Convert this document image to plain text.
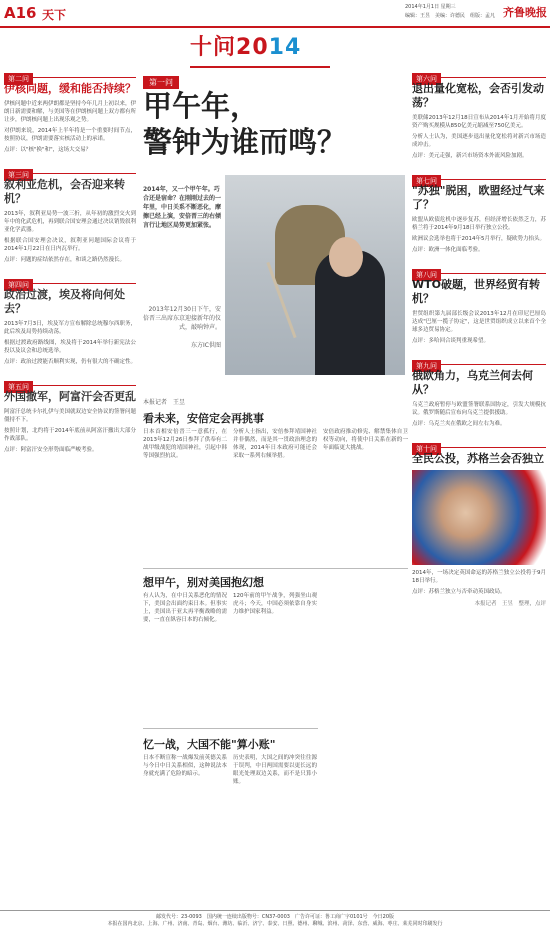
A16 天下
2014年1月1日 星期三
编辑：王昱　美编：许德民　组版：孟凡 齐鲁晚报
十问2014
第二问
伊核问题，缓和能否持续？

伊核问题中近来两伊朗都是坚持今年几月上初以来，伊朗日新需要和解，与美国等在伊朗核问题上双方都有所让步，伊朗核问题上出现乐观之势。

对伊朗来说，2014年上半年将是一个重要时间节点，按照协议，伊朗需要落实核活动上的承诺。

点评：以"核"换"和"，这场大交易？

第三问
叙利亚危机，会否迎来转机？

2013年，叙利亚局势一波三折，从年初的激烈交火到年中的化武危机，再到联合国安理会通过决议销毁叙利亚化学武器。

根据联合国安理会决议，叙利亚问题国际会议将于2014年1月22日在日内瓦举行。

点评：问题的症结依然存在，和谈之路仍然漫长。

第四问
政治过渡，埃及将向何处去？

2013年7月3日，埃及军方宣布解除总统穆尔西职务，此后埃及局势持续动荡。

根据过渡政府路线图，埃及将于2014年举行新宪法公投以及议会和总统选举。

点评：政治过渡能否顺利实现，仍有很大的不确定性。

第五问
外国撤军，阿富汗会否更乱

阿富汗总统卡尔扎伊与美国就双边安全协议的签署问题僵持不下。

按照计划，北约将于2014年底前从阿富汗撤出大部分作战部队。

点评：阿富汗安全形势面临严峻考验。

第一问
甲午年，
警钟为谁而鸣？
2014年，又一个甲午年。巧合还是宿命？在刚刚过去的一年里，中日关系不断恶化，摩擦已经上演，安倍晋三的右倾言行让地区局势更加紧张。
2013年12月30日下午，安倍晋三出席东京迎接新年的仪式，敲响钟声。
东方IC供图
本报记者　王昱
看未来，安倍定会再挑事
日本首相安倍晋三一意孤行，在2013年12月26日参拜了供奉有二战甲级战犯的靖国神社，引起中韩等国强烈抗议。
分析人士指出，安倍参拜靖国神社并非偶然，而是其一贯政治理念的体现，2014年日本政府可能还会采取一系列右倾举措。
安倍政府推动修宪、解禁集体自卫权等动向，将使中日关系在新的一年面临更大挑战。
想甲午，别对美国抱幻想
有人认为，在中日关系恶化的情况下，美国会出面约束日本。但事实上，美国出于亚太再平衡战略的需要，一直在纵容日本的右倾化。
120年前的甲午战争，列强坐山观虎斗；今天，中国必须依靠自身实力维护国家利益。
忆一战，大国不能"算小账"
日本不断宣称一战爆发前英德关系与今日中日关系相似，这种说法本身就充满了危险的暗示。
历史表明，大国之间的冲突往往源于误判，中日两国需要以更长远的眼光处理双边关系，而不是只算小账。
第六问
退出量化宽松，会否引发动荡？

美联储2013年12月18日宣布从2014年1月开始将月度资产购买规模从850亿美元缩减至750亿美元。

分析人士认为，美国逐步退出量化宽松将对新兴市场造成冲击。

点评：美元走强，新兴市场资本外流风险加剧。

第七问
"苏独"脱困，欧盟经过气来了？

欧盟从欧债危机中逐步复苏，但经济增长依然乏力，苏格兰将于2014年9月18日举行独立公投。

欧洲议会选举也将于2014年5月举行，疑欧势力抬头。

点评：欧洲一体化面临考验。

第八问
WTO破题，世界经贸有转机？

世贸组织第九届部长级会议2013年12月在印尼巴厘岛达成"巴厘一揽子协定"，这是世贸组织成立以来首个全球多边贸易协定。

点评：多哈回合谈判重现希望。

第九问
俄欧角力，乌克兰何去何从？

乌克兰政府暂停与欧盟签署联系国协定，引发大规模抗议。俄罗斯随后宣布向乌克兰提供援助。

点评：乌克兰夹在俄欧之间左右为难。

第十问
全民公投，苏格兰会否独立

2014年，一场决定英国命运的苏格兰独立公投将于9月18日举行。

点评：苏格兰独立与否牵动英国政局。

本报记者　王昱　整理，点评
邮发代号：23-0093　国内统一连续出版物号：CN37-0003　广告许可证：鲁工商广字0101号　今日20版
本报在国内北京、上海、广州、济南、青岛、烟台、潍坊、临沂、济宁、泰安、日照、德州、聊城、滨州、菏泽、东营、威海、枣庄、莱芜同时印刷发行
